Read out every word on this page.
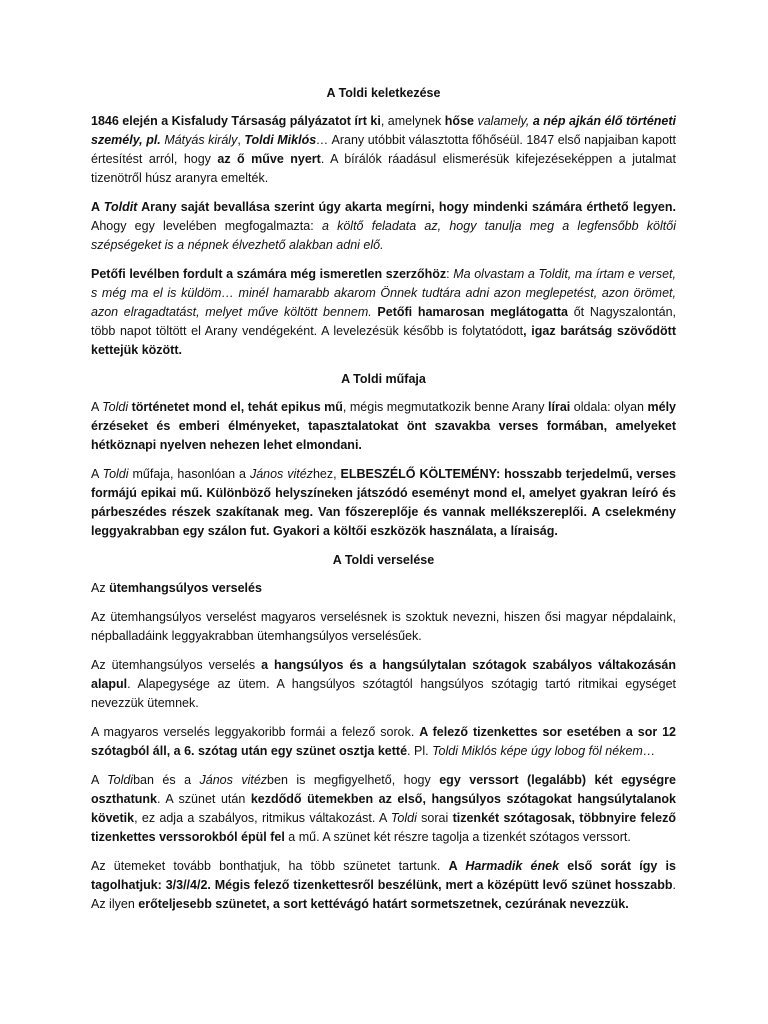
A Toldi keletkezése

1846 elején a Kisfaludy Társaság pályázatot írt ki, amelynek hőse valamely, a nép ajkán élő történeti személy, pl. Mátyás király, Toldi Miklós… Arany utóbbit választotta főhőséül. 1847 első napjaiban kapott értesítést arról, hogy az ő műve nyert. A bírálók ráadásul elismerésük kifejezéseképpen a jutalmat tizenötről húsz aranyra emelték.

A Toldit Arany saját bevallása szerint úgy akarta megírni, hogy mindenki számára érthető legyen. Ahogy egy levelében megfogalmazta: a költő feladata az, hogy tanulja meg a legfensőbb költői szépségeket is a népnek élvezhető alakban adni elő.

Petőfi levélben fordult a számára még ismeretlen szerzőhöz: Ma olvastam a Toldit, ma írtam e verset, s még ma el is küldöm… minél hamarabb akarom Önnek tudtára adni azon meglepetést, azon örömet, azon elragadtatást, melyet műve költött bennem. Petőfi hamarosan meglátogatta őt Nagyszalontán, több napot töltött el Arany vendégeként. A levelezésük később is folytatódott, igaz barátság szövődött kettejük között.

A Toldi műfaja

A Toldi történetet mond el, tehát epikus mű, mégis megmutatkozik benne Arany lírai oldala: olyan mély érzéseket és emberi élményeket, tapasztalatokat önt szavakba verses formában, amelyeket hétköznapi nyelven nehezen lehet elmondani.

A Toldi műfaja, hasonlóan a János vitézhez, ELBESZÉLŐ KÖLTEMÉNY: hosszabb terjedelmű, verses formájú epikai mű. Különböző helyszíneken játszódó eseményt mond el, amelyet gyakran leíró és párbeszédes részek szakítanak meg. Van főszereplője és vannak mellékszereplői. A cselekmény leggyakrabban egy szálon fut. Gyakori a költői eszközök használata, a líraiság.

A Toldi verselése

Az ütemhangsúlyos verselés

Az ütemhangsúlyos verselést magyaros verselésnek is szoktuk nevezni, hiszen ősi magyar népdalaink, népballadáink leggyakrabban ütemhangsúlyos verselésűek.

Az ütemhangsúlyos verselés a hangsúlyos és a hangsúlytalan szótagok szabályos váltakozásán alapul. Alapegysége az ütem. A hangsúlyos szótagtól hangsúlyos szótagig tartó ritmikai egységet nevezzük ütemnek.

A magyaros verselés leggyakoribb formái a felező sorok. A felező tizenkettes sor esetében a sor 12 szótagból áll, a 6. szótag után egy szünet osztja ketté. Pl. Toldi Miklós képe úgy lobog föl nékem…

A Toldiban és a János vitézben is megfigyelhető, hogy egy verssort (legalább) két egységre oszthatunk. A szünet után kezdődő ütemekben az első, hangsúlyos szótagokat hangsúlytalanok követik, ez adja a szabályos, ritmikus váltakozást. A Toldi sorai tizenkét szótagosak, többnyire felező tizenkettes verssorokból épül fel a mű. A szünet két részre tagolja a tizenkét szótagos verssort.

Az ütemeket tovább bonthatjuk, ha több szünetet tartunk. A Harmadik ének első sorát így is tagolhatjuk: 3/3//4/2. Mégis felező tizenkettesről beszélünk, mert a középütt levő szünet hosszabb. Az ilyen erőteljesebb szünetet, a sort kettévágó határt sormetszetnek, cezúrának nevezzük.
